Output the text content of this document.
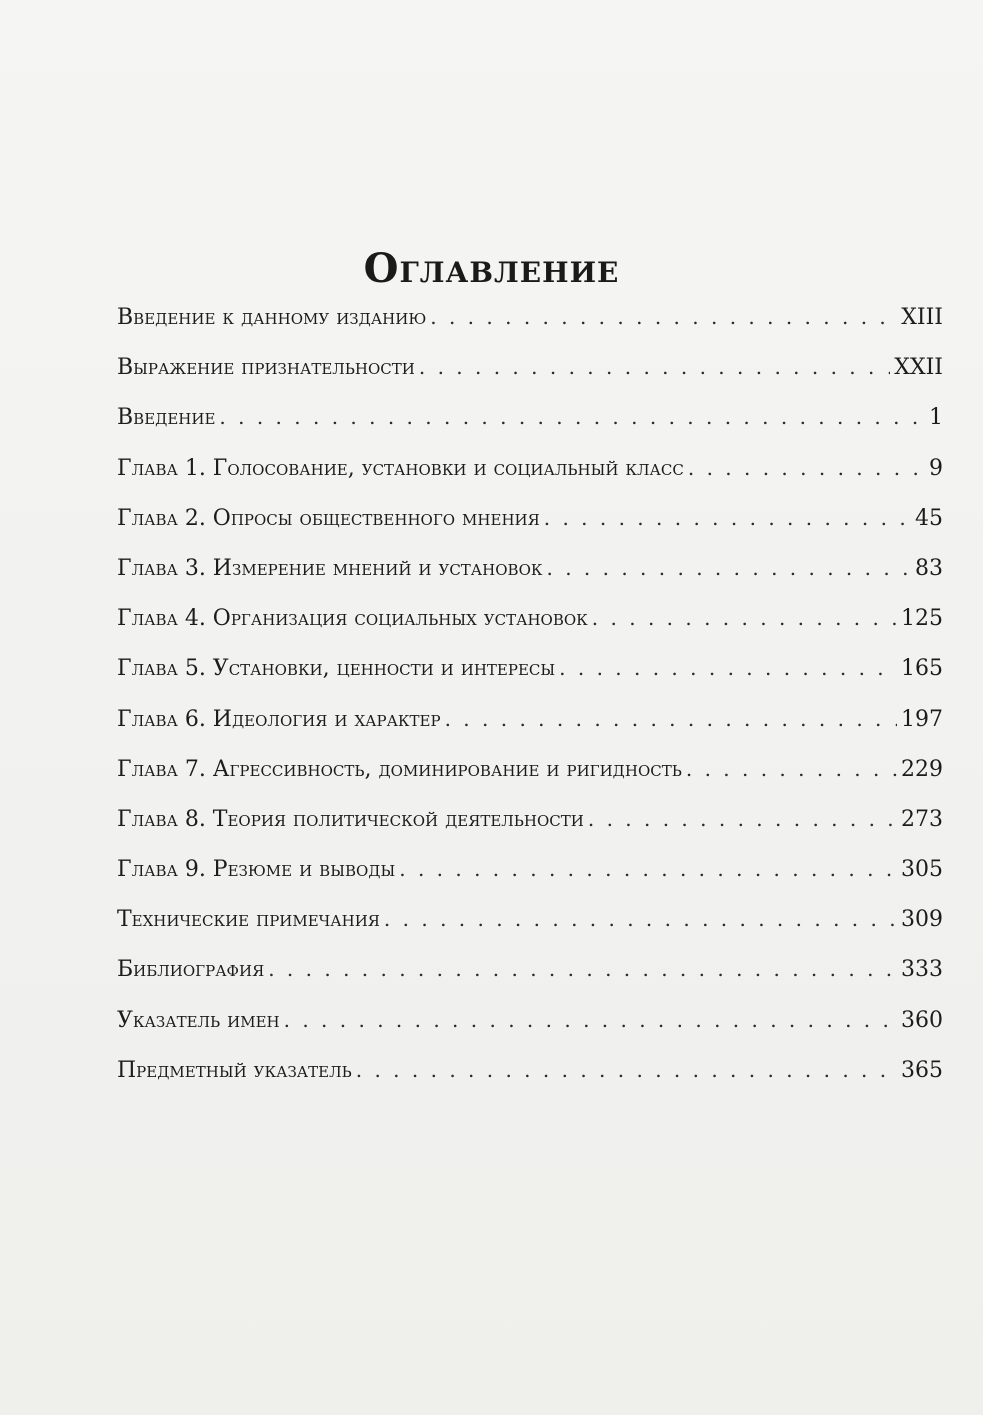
Оглавление
Введение к данному изданию . . .	XIII
Выражение признательности . . .	XXII
Введение . . .	1
Глава 1. Голосование, установки и социальный класс . . .	9
Глава 2. Опросы общественного мнения . . .	45
Глава 3. Измерение мнений и установок . . .	83
Глава 4. Организация социальных установок . . .	125
Глава 5. Установки, ценности и интересы . . .	165
Глава 6. Идеология и характер . . .	197
Глава 7. Агрессивность, доминирование и ригидность . . .	229
Глава 8. Теория политической деятельности . . .	273
Глава 9. Резюме и выводы . . .	305
Технические примечания . . .	309
Библиография . . .	333
Указатель имен . . .	360
Предметный указатель . . .	365
